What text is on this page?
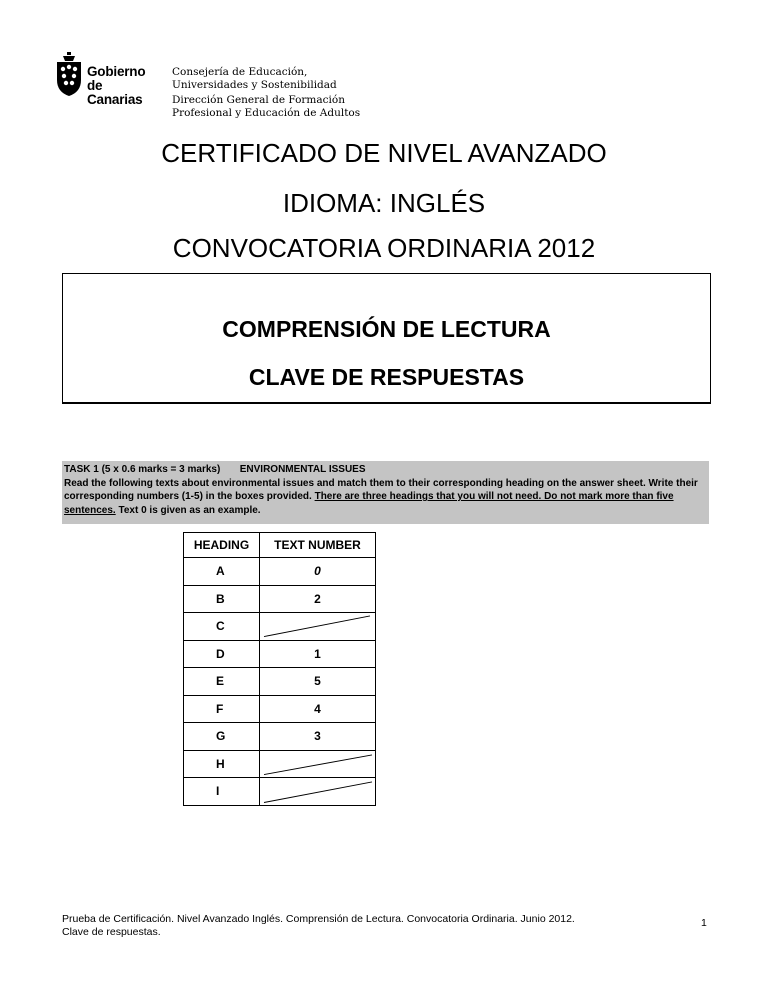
Gobierno
de Canarias
Consejería de Educación,
Universidades y Sostenibilidad
Dirección General de Formación
Profesional y Educación de Adultos
CERTIFICADO DE NIVEL AVANZADO
IDIOMA: INGLÉS
CONVOCATORIA ORDINARIA 2012
COMPRENSIÓN DE LECTURA
CLAVE DE RESPUESTAS
TASK 1 (5 x 0.6 marks = 3 marks) ENVIRONMENTAL ISSUES
Read the following texts about environmental issues and match them to their corresponding heading on the answer sheet. Write their corresponding numbers (1-5) in the boxes provided. There are three headings that you will not need. Do not mark more than five sentences. Text 0 is given as an example.
HEADING	TEXT NUMBER
A	0
B	2
C	

D	1
E	5
F	4
G	3
H	

I	
Prueba de Certificación. Nivel Avanzado Inglés. Comprensión de Lectura. Convocatoria Ordinaria. Junio 2012.
Clave de respuestas.
1
